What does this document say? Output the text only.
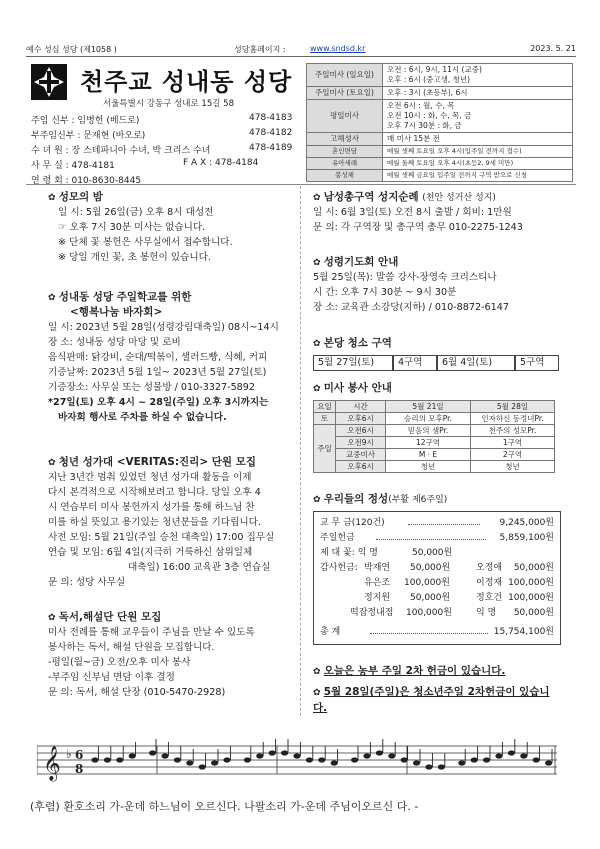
예수 성심 성당 (제1058 )	성당홈페이지 :	www.sndsd.kr	2023. 5. 21
천주교 성내동 성당
서울특별시 강동구 성내로 15길 58
주임 신부 : 임병헌 (베드로)	478-4183
부주임신부 : 문재현 (바오로)	478-4182
수 녀 원 : 장 스테파니아 수녀, 박 크리스 수녀	478-4189
사 무 실 : 478-4181	F A X : 478-4184
연 령 회 : 010-8630-8445
주일미사 (일요일)	오전 : 6시, 9시, 11시 (교중)
오후 : 6시 (중고생, 청년)

주일미사 (토요일)	오후 : 3시 (초등부), 6시
평일미사	오전 6시 : 월, 수, 목
오전 10시 : 화, 수, 목, 금
오후 7시 30분 : 화, 금

고해성사	매 미사 15분 전
혼인면담	매월 셋째 토요일 오후 4시(입주일 전까지 접수)
유아세례	매월 둘째 토요일 오후 4시(초등2, 9세 미만)
봉성체	매월 셋째 금요일 입주일 전까지 구역 받으로 신청
✿ 성모의 밤
일 시: 5월 26일(금) 오후 8시 대성전
☞ 오후 7시 30분 미사는 없습니다.
※ 단체 꽃 봉헌은 사무실에서 접수합니다.
※ 당일 개인 꽃, 초 봉헌이 있습니다.
✿ 성내동 성당 주일학교를 위한
<행복나눔 바자회>
일 시: 2023년 5월 28일(성령강림대축일) 08시~14시
장 소: 성내동 성당 마당 및 로비
음식판매: 닭강비, 순대/떡볶이, 샐러드빵, 식혜, 커피
기증날짜: 2023년 5월 1일~ 2023년 5월 27일(토)
기증장소: 사무실 또는 성물방 / 010-3327-5892
*27일(토) 오후 4시 ~ 28일(주일) 오후 3시까지는
바자회 행사로 주차를 하실 수 없습니다.
✿ 청년 성가대 <VERITAS:진리> 단원 모집
지난 3년간 멈춰 있었던 청년 성가대 활동을 이제
다시 본격적으로 시작해보려고 합니다. 당일 오후 4
시 연습부터 미사 봉헌까지 성가를 통해 하느님 찬
미를 하실 뜻있고 용기있는 청년분들을 기다립니다.
사전 모임: 5월 21일(주일 승천 대축일) 17:00 집무실
연습 및 모임: 6월 4일(지극히 거룩하신 삼위일체
대축일) 16:00 교육관 3층 연습실
문 의: 성당 사무실
✿ 독서,해설단 단원 모집
미사 전례를 통해 교우들이 주님을 만날 수 있도록
봉사하는 독서, 해설 단원을 모집합니다.
-평일(월~금) 오전/오후 미사 봉사
-부주임 신부님 면담 이후 결정
문 의: 독서, 해설 단장 (010-5470-2928)
✿ 남성총구역 성지순례 (천안 성거산 성지)
일 시: 6월 3일(토) 오전 8시 출발 / 회비: 1만원
문 의: 각 구역장 및 총구역 총무 010-2275-1243
✿ 성령기도회 안내
5월 25일(목): 말씀 강사-장영숙 크리스티나
시 간: 오후 7시 30분 ~ 9시 30분
장 소: 교육관 소강당(지하) / 010-8872-6147
✿ 본당 청소 구역
5월 27일(토)	4구역	6월 4일(토)	5구역
✿ 미사 봉사 안내
요일	시간	5월 21일	5월 28일
토	오후6시	승리의 모후Pr.	인자하신 동정녀Pr.
주일	오전6시	믿음의 샘Pr.	천주의 성모Pr.
	오전9시	12구역	1구역
	교중미사	M · E	2구역
	오후6시	청년	청년
✿ 우리들의 정성(부활 제6주일)
교 무 금(120건)	9,245,000원
주일헌금	5,859,100원
제 대 꽃: 익 명	50,000원
감사헌금: 박재연 50,000원	오정애 50,000원
유은조 100,000원	이정재 100,000원
정지원 50,000원	정호건 100,000원
떡잡정내점 100,000원	익 명 50,000원
총 계	15,754,100원
✿ 오늘은 농부 주일 2차 헌금이 있습니다.
✿ 5월 28일(주일)은 청소년주일 2차헌금이 있습니다.
𝄞 ♭ 6
8
(후렴) 환호소리 가-운데 하느님이 오르신다. 나팔소리 가-운데 주님이오르신 다. -
